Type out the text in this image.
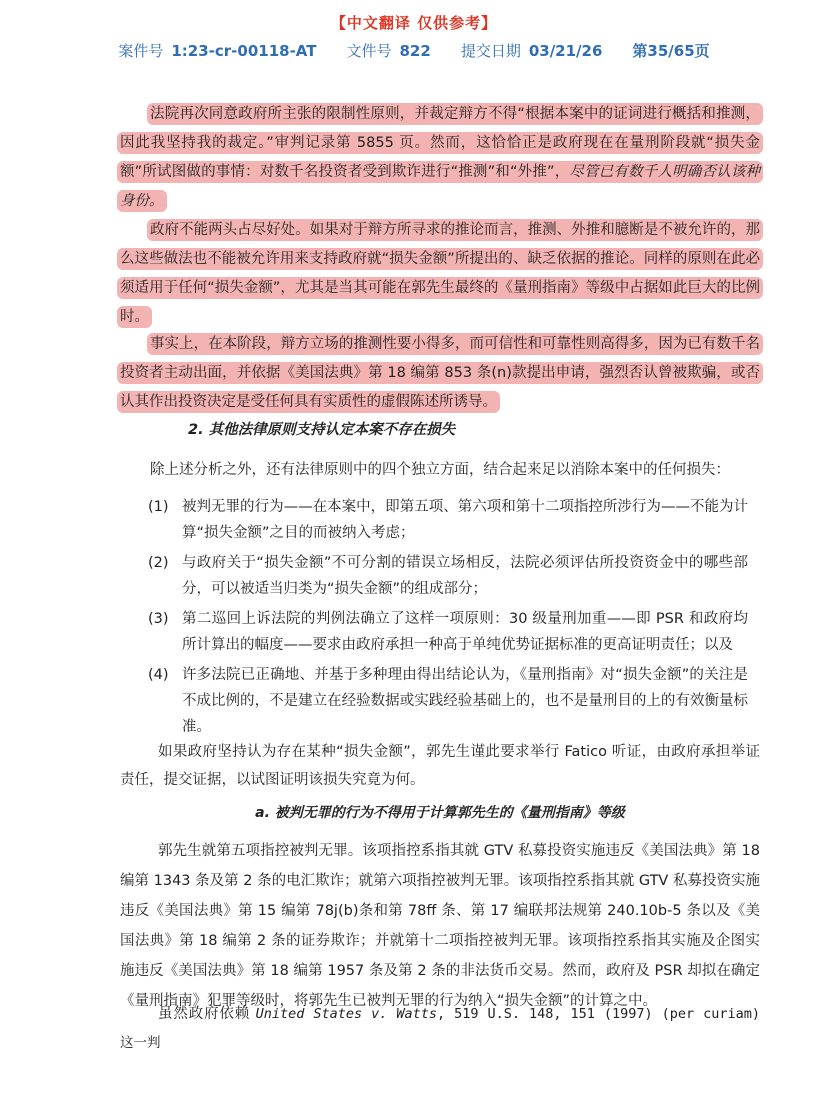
【中文翻译 仅供参考】
案件号 1:23-cr-00118-AT 文件号 822 提交日期 03/21/26 第35/65页

法院再次同意政府所主张的限制性原则，并裁定辩方不得“根据本案中的证词进行概括和推测，因此我坚持我的裁定。”审判记录第 5855 页。然而，这恰恰正是政府现在在量刑阶段就“损失金额”所试图做的事情：对数千名投资者受到欺诈进行“推测”和“外推”，尽管已有数千人明确否认该种身份。

政府不能两头占尽好处。如果对于辩方所寻求的推论而言，推测、外推和臆断是不被允许的，那么这些做法也不能被允许用来支持政府就“损失金额”所提出的、缺乏依据的推论。同样的原则在此必须适用于任何“损失金额”，尤其是当其可能在郭先生最终的《量刑指南》等级中占据如此巨大的比例时。

事实上，在本阶段，辩方立场的推测性要小得多，而可信性和可靠性则高得多，因为已有数千名投资者主动出面，并依据《美国法典》第 18 编第 853 条(n)款提出申请，强烈否认曾被欺骗，或否认其作出投资决定是受任何具有实质性的虚假陈述所诱导。

2. 其他法律原则支持认定本案不存在损失

除上述分析之外，还有法律原则中的四个独立方面，结合起来足以消除本案中的任何损失：

(1) 被判无罪的行为——在本案中，即第五项、第六项和第十二项指控所涉行为——不能为计算“损失金额”之目的而被纳入考虑；
(2) 与政府关于“损失金额”不可分割的错误立场相反，法院必须评估所投资资金中的哪些部分，可以被适当归类为“损失金额”的组成部分；
(3) 第二巡回上诉法院的判例法确立了这样一项原则：30 级量刑加重——即 PSR 和政府均所计算出的幅度——要求由政府承担一种高于单纯优势证据标准的更高证明责任；以及
(4) 许多法院已正确地、并基于多种理由得出结论认为，《量刑指南》对“损失金额”的关注是不成比例的，不是建立在经验数据或实践经验基础上的，也不是量刑目的上的有效衡量标准。

如果政府坚持认为存在某种“损失金额”，郭先生谨此要求举行 Fatico 听证，由政府承担举证责任，提交证据，以试图证明该损失究竟为何。

a. 被判无罪的行为不得用于计算郭先生的《量刑指南》等级

郭先生就第五项指控被判无罪。该项指控系指其就 GTV 私募投资实施违反《美国法典》第 18 编第 1343 条及第 2 条的电汇欺诈；就第六项指控被判无罪。该项指控系指其就 GTV 私募投资实施违反《美国法典》第 15 编第 78j(b)条和第 78ff 条、第 17 编联邦法规第 240.10b-5 条以及《美国法典》第 18 编第 2 条的证券欺诈；并就第十二项指控被判无罪。该项指控系指其实施及企图实施违反《美国法典》第 18 编第 1957 条及第 2 条的非法货币交易。然而，政府及 PSR 却拟在确定《量刑指南》犯罪等级时，将郭先生已被判无罪的行为纳入“损失金额”的计算之中。

虽然政府依赖 United States v. Watts, 519 U.S. 148, 151 (1997) (per curiam) 这一判
